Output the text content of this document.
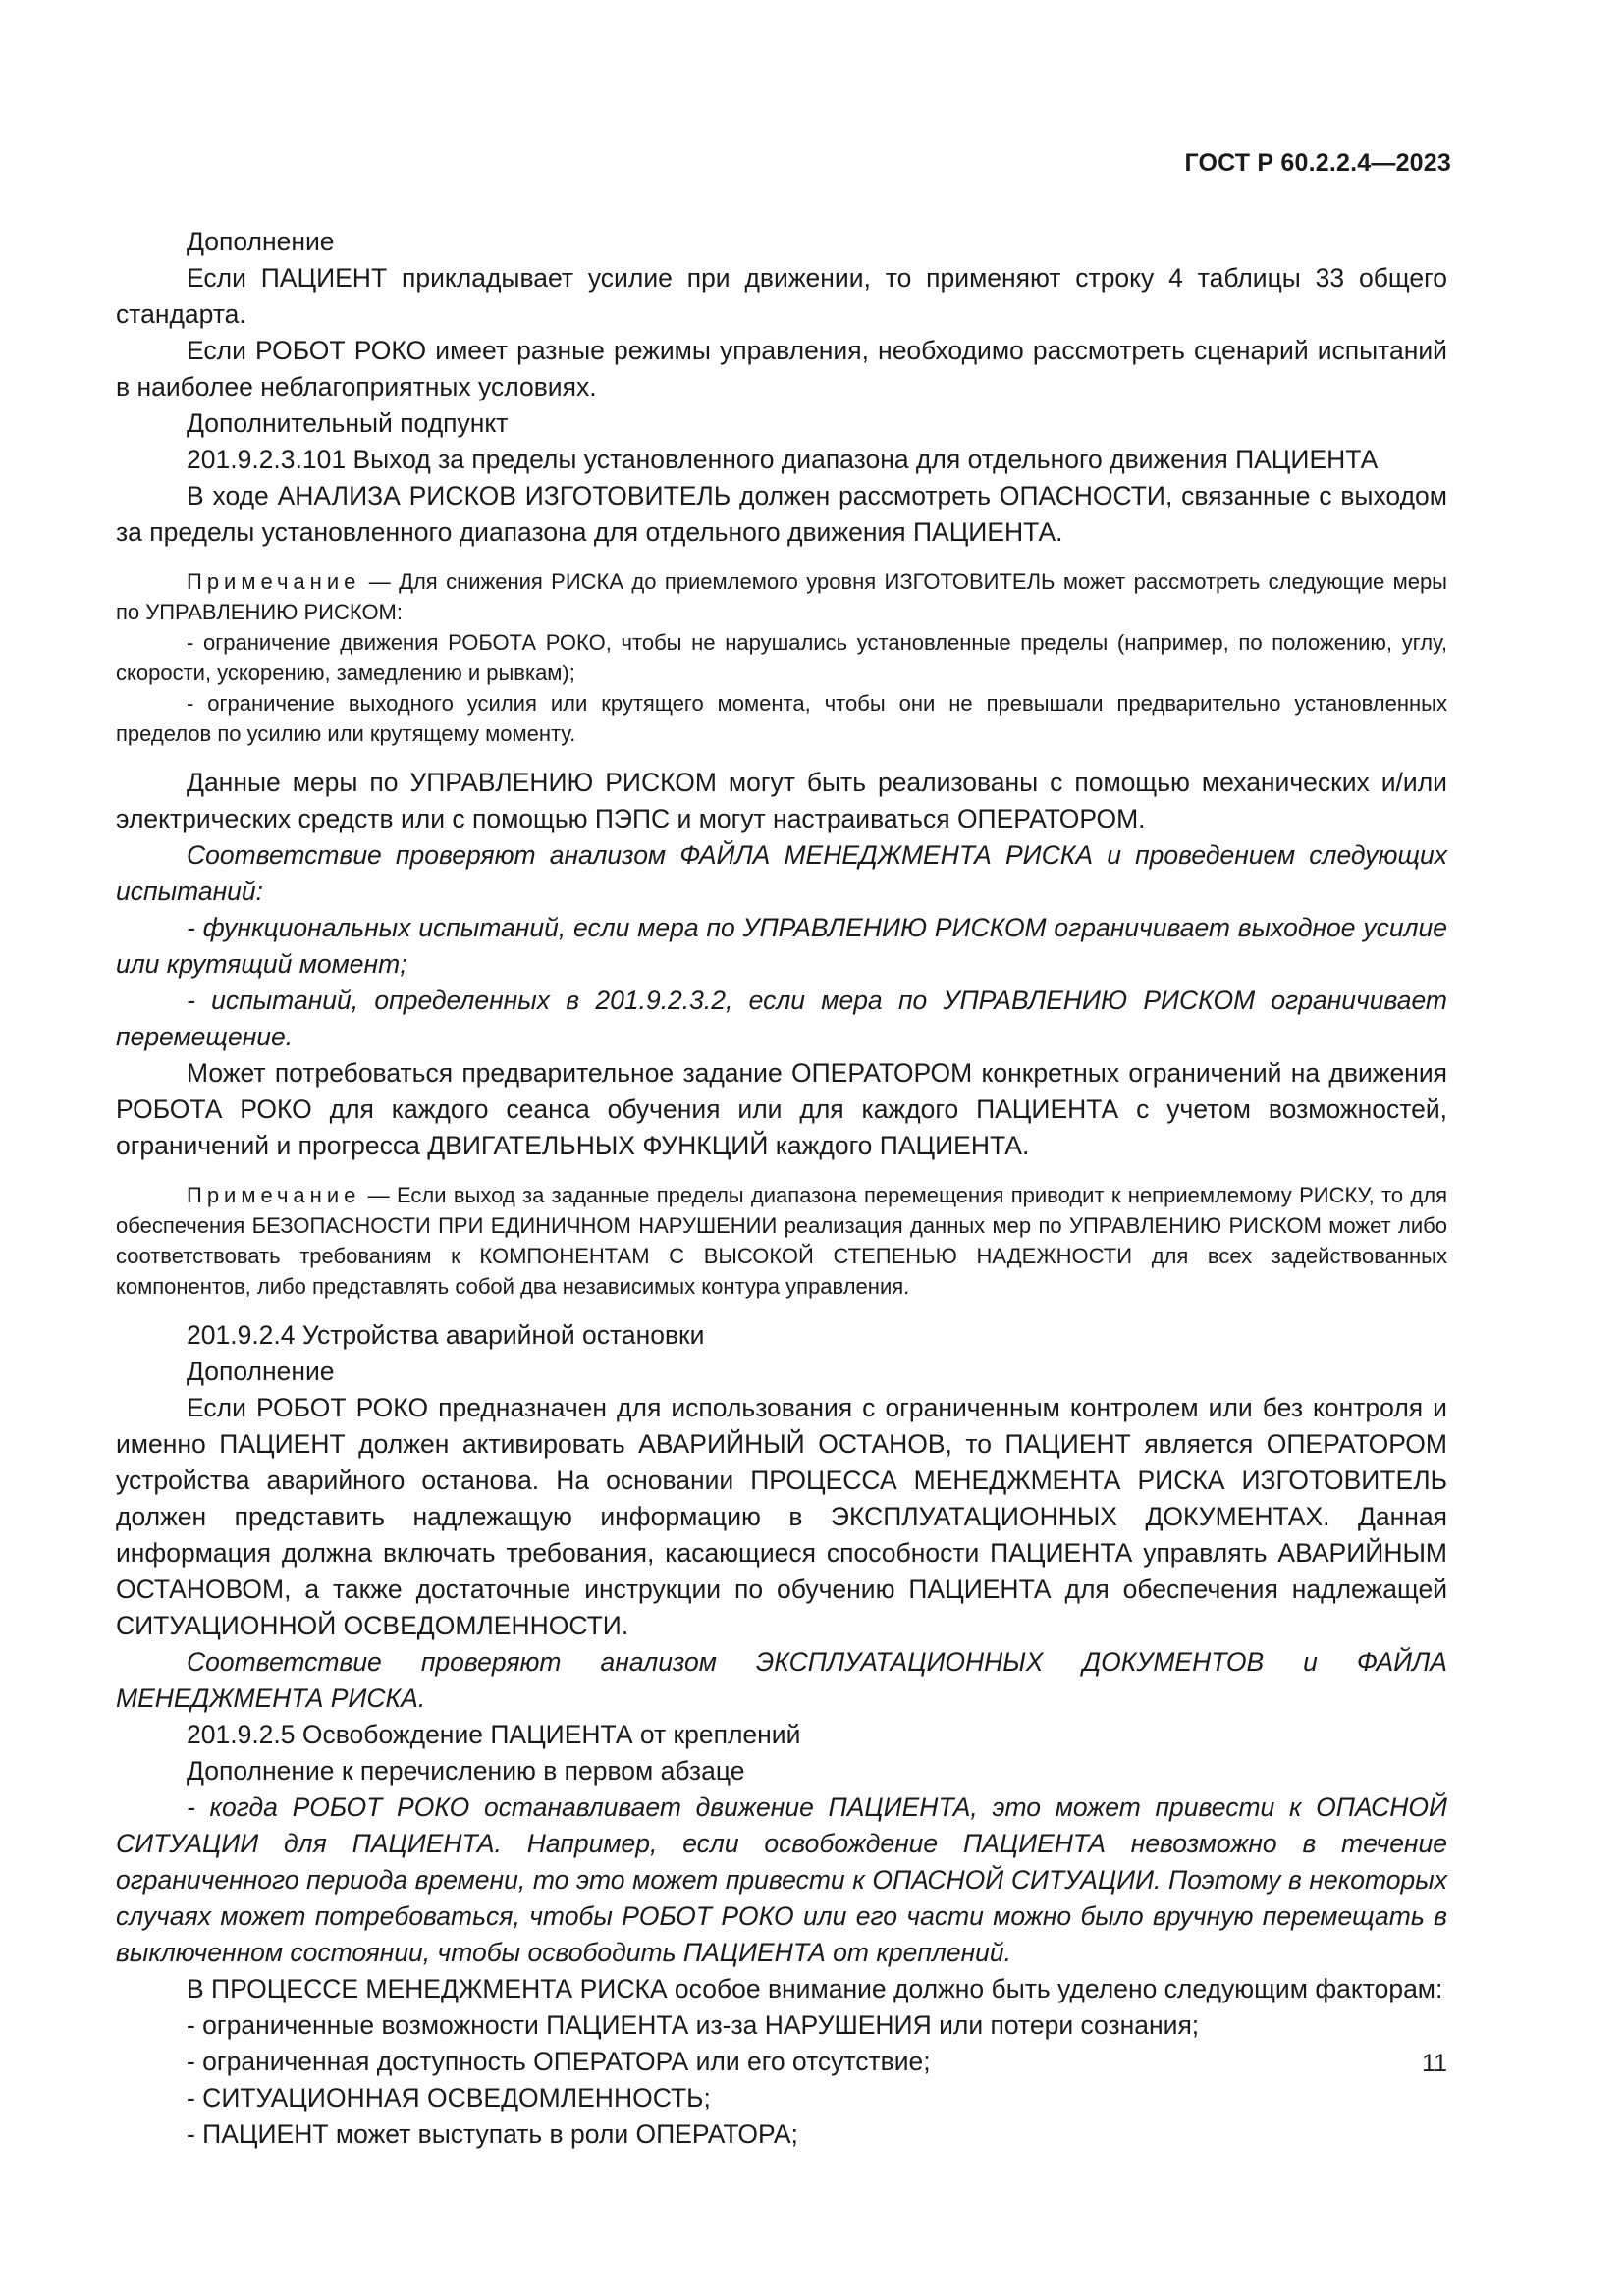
ГОСТ Р 60.2.2.4—2023

Дополнение

Если ПАЦИЕНТ прикладывает усилие при движении, то применяют строку 4 таблицы 33 общего стандарта.

Если РОБОТ РОКО имеет разные режимы управления, необходимо рассмотреть сценарий испытаний в наиболее неблагоприятных условиях.

Дополнительный подпункт

201.9.2.3.101 Выход за пределы установленного диапазона для отдельного движения ПАЦИЕНТА

В ходе АНАЛИЗА РИСКОВ ИЗГОТОВИТЕЛЬ должен рассмотреть ОПАСНОСТИ, связанные с выходом за пределы установленного диапазона для отдельного движения ПАЦИЕНТА.

Примечание — Для снижения РИСКА до приемлемого уровня ИЗГОТОВИТЕЛЬ может рассмотреть следующие меры по УПРАВЛЕНИЮ РИСКОМ:

- ограничение движения РОБОТА РОКО, чтобы не нарушались установленные пределы (например, по положению, углу, скорости, ускорению, замедлению и рывкам);

- ограничение выходного усилия или крутящего момента, чтобы они не превышали предварительно установленных пределов по усилию или крутящему моменту.

Данные меры по УПРАВЛЕНИЮ РИСКОМ могут быть реализованы с помощью механических и/или электрических средств или с помощью ПЭПС и могут настраиваться ОПЕРАТОРОМ.

Соответствие проверяют анализом ФАЙЛА МЕНЕДЖМЕНТА РИСКА и проведением следующих испытаний:

- функциональных испытаний, если мера по УПРАВЛЕНИЮ РИСКОМ ограничивает выходное усилие или крутящий момент;

- испытаний, определенных в 201.9.2.3.2, если мера по УПРАВЛЕНИЮ РИСКОМ ограничивает перемещение.

Может потребоваться предварительное задание ОПЕРАТОРОМ конкретных ограничений на движения РОБОТА РОКО для каждого сеанса обучения или для каждого ПАЦИЕНТА с учетом возможностей, ограничений и прогресса ДВИГАТЕЛЬНЫХ ФУНКЦИЙ каждого ПАЦИЕНТА.

Примечание — Если выход за заданные пределы диапазона перемещения приводит к неприемлемому РИСКУ, то для обеспечения БЕЗОПАСНОСТИ ПРИ ЕДИНИЧНОМ НАРУШЕНИИ реализация данных мер по УПРАВЛЕНИЮ РИСКОМ может либо соответствовать требованиям к КОМПОНЕНТАМ С ВЫСОКОЙ СТЕПЕНЬЮ НАДЕЖНОСТИ для всех задействованных компонентов, либо представлять собой два независимых контура управления.

201.9.2.4 Устройства аварийной остановки

Дополнение

Если РОБОТ РОКО предназначен для использования с ограниченным контролем или без контроля и именно ПАЦИЕНТ должен активировать АВАРИЙНЫЙ ОСТАНОВ, то ПАЦИЕНТ является ОПЕРАТОРОМ устройства аварийного останова. На основании ПРОЦЕССА МЕНЕДЖМЕНТА РИСКА ИЗГОТОВИТЕЛЬ должен представить надлежащую информацию в ЭКСПЛУАТАЦИОННЫХ ДОКУМЕНТАХ. Данная информация должна включать требования, касающиеся способности ПАЦИЕНТА управлять АВАРИЙНЫМ ОСТАНОВОМ, а также достаточные инструкции по обучению ПАЦИЕНТА для обеспечения надлежащей СИТУАЦИОННОЙ ОСВЕДОМЛЕННОСТИ.

Соответствие проверяют анализом ЭКСПЛУАТАЦИОННЫХ ДОКУМЕНТОВ и ФАЙЛА МЕНЕДЖМЕНТА РИСКА.

201.9.2.5 Освобождение ПАЦИЕНТА от креплений

Дополнение к перечислению в первом абзаце

- когда РОБОТ РОКО останавливает движение ПАЦИЕНТА, это может привести к ОПАСНОЙ СИТУАЦИИ для ПАЦИЕНТА. Например, если освобождение ПАЦИЕНТА невозможно в течение ограниченного периода времени, то это может привести к ОПАСНОЙ СИТУАЦИИ. Поэтому в некоторых случаях может потребоваться, чтобы РОБОТ РОКО или его части можно было вручную перемещать в выключенном состоянии, чтобы освободить ПАЦИЕНТА от креплений.

В ПРОЦЕССЕ МЕНЕДЖМЕНТА РИСКА особое внимание должно быть уделено следующим факторам:

- ограниченные возможности ПАЦИЕНТА из-за НАРУШЕНИЯ или потери сознания;

- ограниченная доступность ОПЕРАТОРА или его отсутствие;

- СИТУАЦИОННАЯ ОСВЕДОМЛЕННОСТЬ;

- ПАЦИЕНТ может выступать в роли ОПЕРАТОРА;

11
